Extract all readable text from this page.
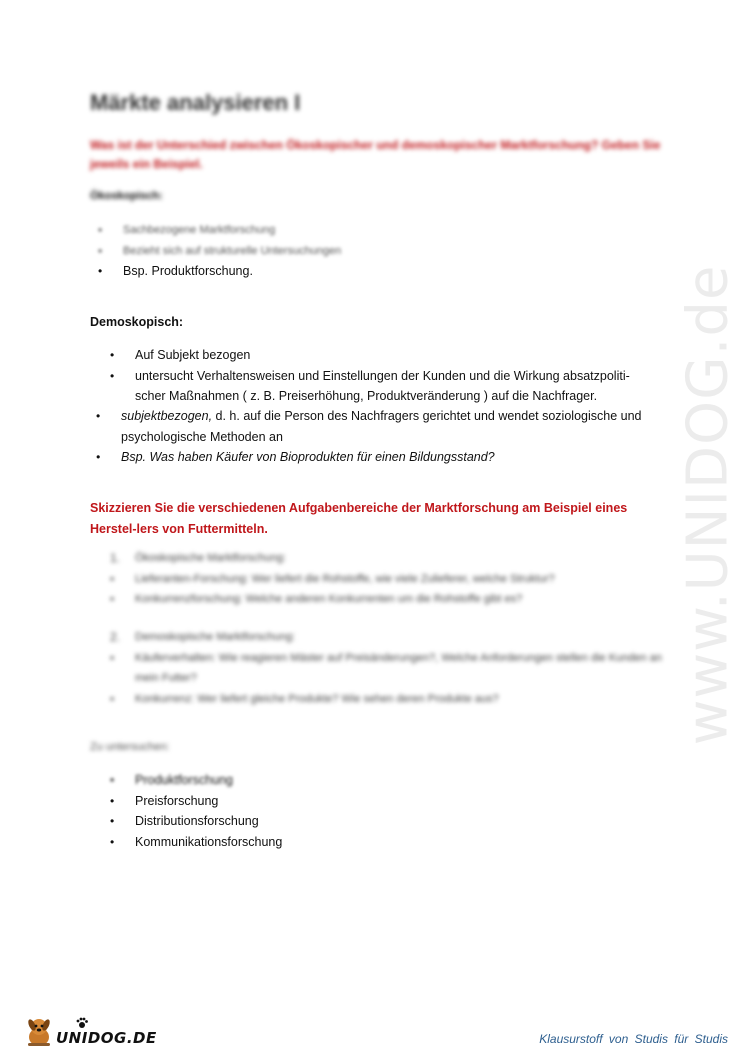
www.UNIDOG.de
Märkte analysieren I
Was ist der Unterschied zwischen Ökoskopischer und demoskopischer Marktforschung? Geben Sie jeweils ein Beispiel.
Ökoskopisch:
• Sachbezogene Marktforschung
• Bezieht sich auf strukturelle Untersuchungen
• Bsp. Produktforschung.
Demoskopisch:
• Auf Subjekt bezogen
• untersucht Verhaltensweisen und Einstellungen der Kunden und die Wirkung absatzpoliti-scher Maßnahmen ( z. B. Preiserhöhung, Produktveränderung ) auf die Nachfrager.
• subjektbezogen, d. h. auf die Person des Nachfragers gerichtet und wendet soziologische und psychologische Methoden an
• Bsp. Was haben Käufer von Bioprodukten für einen Bildungsstand?
Skizzieren Sie die verschiedenen Aufgabenbereiche der Marktforschung am Beispiel eines Herstel-lers von Futtermitteln.
1. Ökoskopische Marktforschung:
• Lieferanten-Forschung: Wer liefert die Rohstoffe, wie viele Zulieferer, welche Struktur?
• Konkurrenzforschung: Welche anderen Konkurrenten um die Rohstoffe gibt es?
2. Demoskopische Marktforschung:
• Käuferverhalten: Wie reagieren Mäster auf Preisänderungen?, Welche Anforderungen stellen die Kunden an mein Futter?
• Konkurrenz: Wer liefert gleiche Produkte? Wie sehen deren Produkte aus?
Zu untersuchen:
• Produktforschung
• Preisforschung
• Distributionsforschung
• Kommunikationsforschung
UNIDOG.DE	Klausurstoff von Studis für Studis
